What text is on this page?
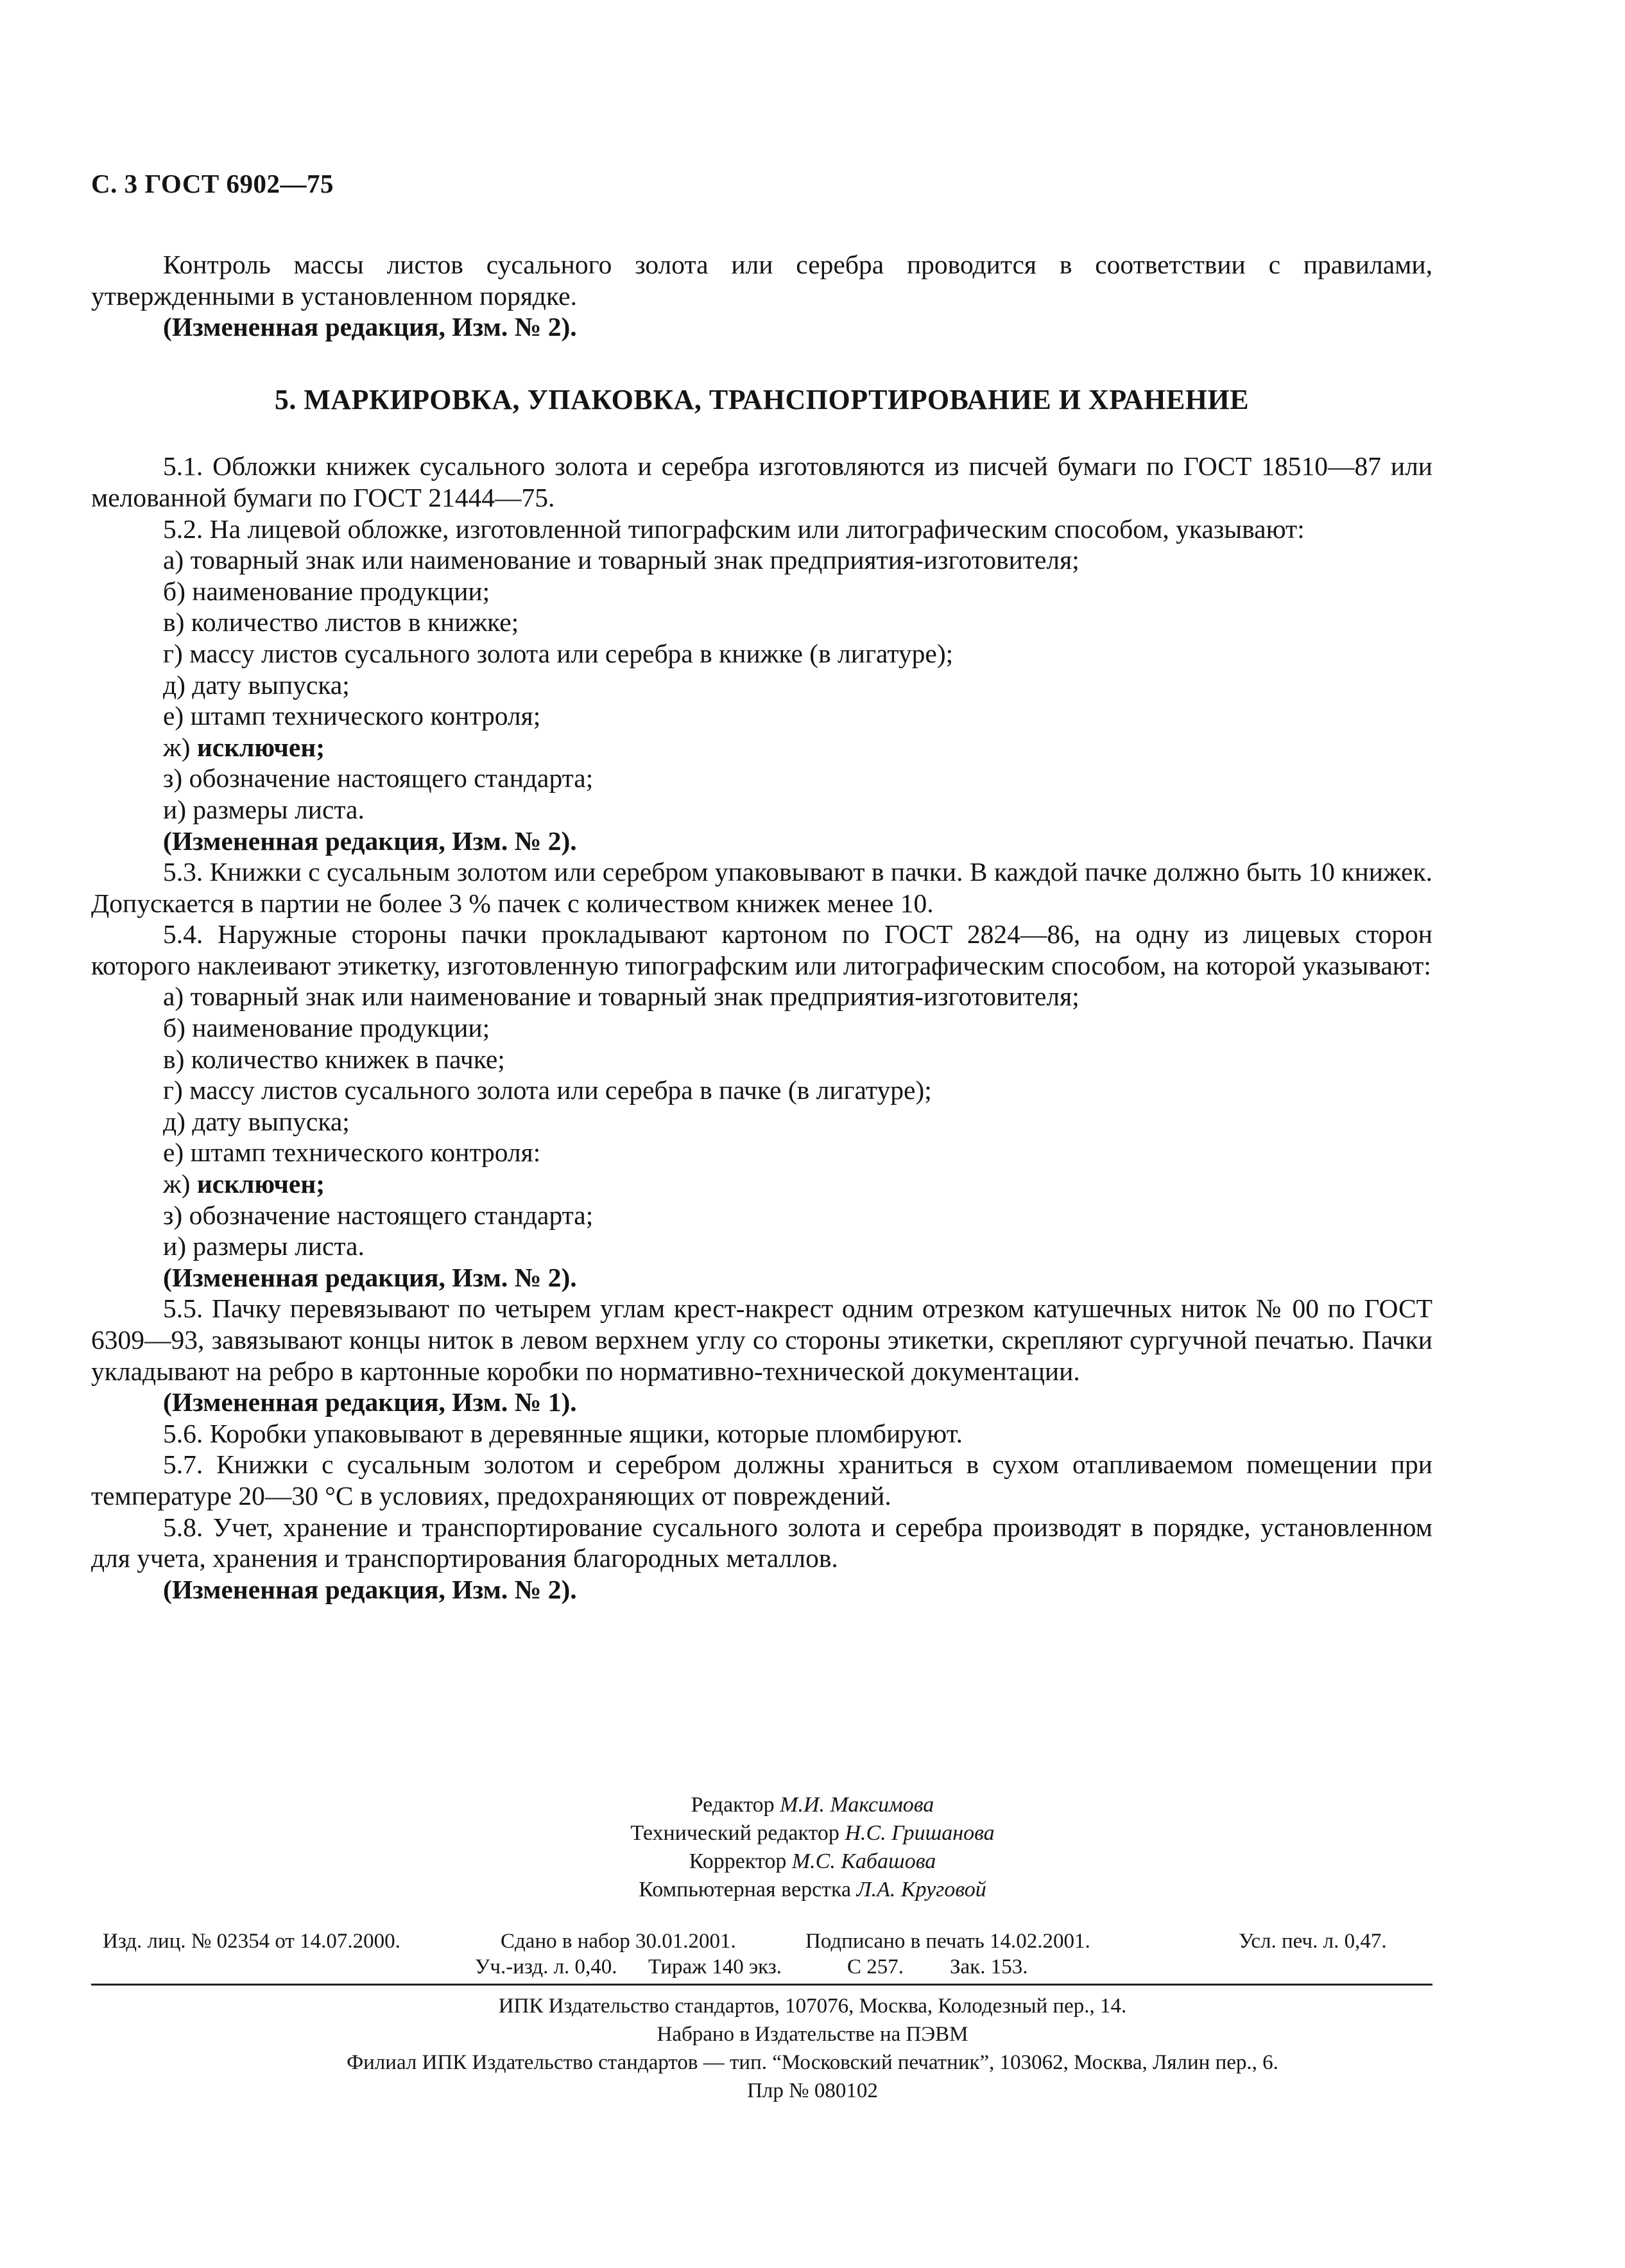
С. 3 ГОСТ 6902—75

Контроль массы листов сусального золота или серебра проводится в соответствии с правилами, утвержденными в установленном порядке.

(Измененная редакция, Изм. № 2).

5. МАРКИРОВКА, УПАКОВКА, ТРАНСПОРТИРОВАНИЕ И ХРАНЕНИЕ

5.1. Обложки книжек сусального золота и серебра изготовляются из писчей бумаги по ГОСТ 18510—87 или мелованной бумаги по ГОСТ 21444—75.

5.2. На лицевой обложке, изготовленной типографским или литографическим способом, указывают:

а) товарный знак или наименование и товарный знак предприятия-изготовителя;

б) наименование продукции;

в) количество листов в книжке;

г) массу листов сусального золота или серебра в книжке (в лигатуре);

д) дату выпуска;

е) штамп технического контроля;

ж) исключен;

з) обозначение настоящего стандарта;

и) размеры листа.

(Измененная редакция, Изм. № 2).

5.3. Книжки с сусальным золотом или серебром упаковывают в пачки. В каждой пачке должно быть 10 книжек. Допускается в партии не более 3 % пачек с количеством книжек менее 10.

5.4. Наружные стороны пачки прокладывают картоном по ГОСТ 2824—86, на одну из лицевых сторон которого наклеивают этикетку, изготовленную типографским или литографическим способом, на которой указывают:

а) товарный знак или наименование и товарный знак предприятия-изготовителя;

б) наименование продукции;

в) количество книжек в пачке;

г) массу листов сусального золота или серебра в пачке (в лигатуре);

д) дату выпуска;

е) штамп технического контроля:

ж) исключен;

з) обозначение настоящего стандарта;

и) размеры листа.

(Измененная редакция, Изм. № 2).

5.5. Пачку перевязывают по четырем углам крест-накрест одним отрезком катушечных ниток № 00 по ГОСТ 6309—93, завязывают концы ниток в левом верхнем углу со стороны этикетки, скрепляют сургучной печатью. Пачки укладывают на ребро в картонные коробки по нормативно-технической документации.

(Измененная редакция, Изм. № 1).

5.6. Коробки упаковывают в деревянные ящики, которые пломбируют.

5.7. Книжки с сусальным золотом и серебром должны храниться в сухом отапливаемом помещении при температуре 20—30 °С в условиях, предохраняющих от повреждений.

5.8. Учет, хранение и транспортирование сусального золота и серебра производят в порядке, установленном для учета, хранения и транспортирования благородных металлов.

(Измененная редакция, Изм. № 2).

Редактор М.И. Максимова
Технический редактор Н.С. Гришанова
Корректор М.С. Кабашова
Компьютерная верстка Л.А. Круговой
Изд. лиц. № 02354 от 14.07.2000.	Сдано в набор 30.01.2001.	Подписано в печать 14.02.2001.	Усл. печ. л. 0,47.
Уч.-изд. л. 0,40. Тираж 140 экз.	С 257. Зак. 153.
ИПК Издательство стандартов, 107076, Москва, Колодезный пер., 14.
Набрано в Издательстве на ПЭВМ
Филиал ИПК Издательство стандартов — тип. “Московский печатник”, 103062, Москва, Лялин пер., 6.
Плр № 080102
